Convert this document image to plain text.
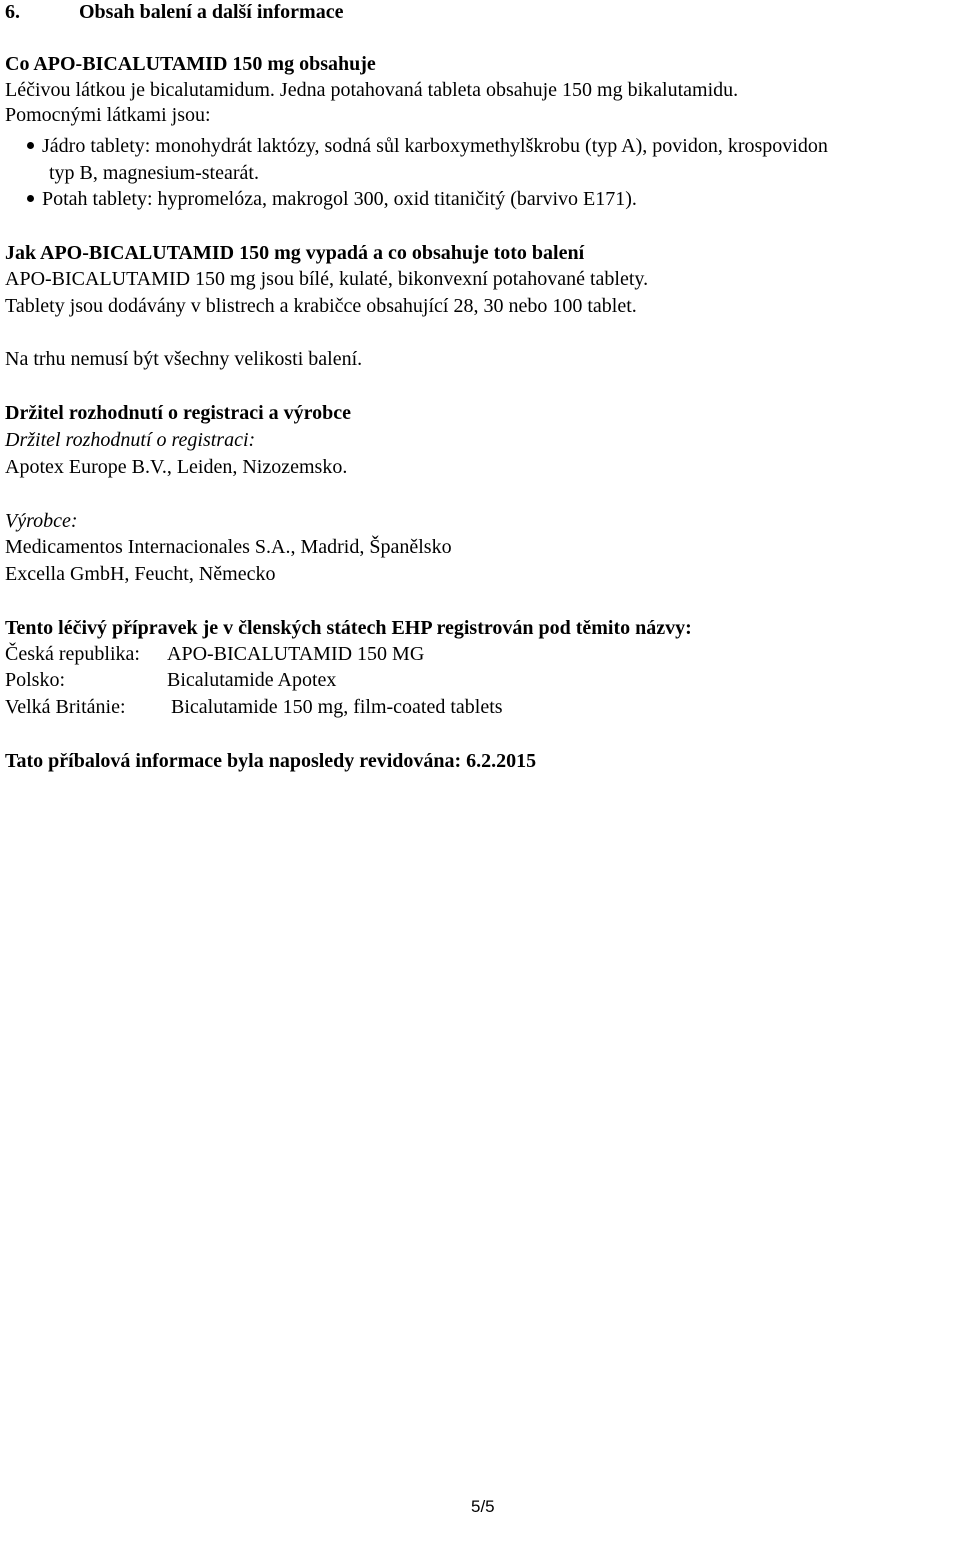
6.	Obsah balení a další informace
Co APO-BICALUTAMID 150 mg obsahuje
Léčivou látkou je bicalutamidum. Jedna potahovaná tableta obsahuje 150 mg bikalutamidu.
Pomocnými látkami jsou:
Jádro tablety: monohydrát laktózy, sodná sůl karboxymethylškrobu (typ A), povidon, krospovidon
typ B, magnesium-stearát.
Potah tablety: hypromelóza, makrogol 300, oxid titaničitý (barvivo E171).
Jak APO-BICALUTAMID 150 mg vypadá a co obsahuje toto balení
APO-BICALUTAMID 150 mg jsou bílé, kulaté, bikonvexní potahované tablety.
Tablety jsou dodávány v blistrech a krabičce obsahující 28, 30 nebo 100 tablet.
Na trhu nemusí být všechny velikosti balení.
Držitel rozhodnutí o registraci a výrobce
Držitel rozhodnutí o registraci:
Apotex Europe B.V., Leiden, Nizozemsko.
Výrobce:
Medicamentos Internacionales S.A., Madrid, Španělsko
Excella GmbH, Feucht, Německo
Tento léčivý přípravek je v členských státech EHP registrován pod těmito názvy:
Česká republika: APO-BICALUTAMID 150 MG
Polsko:	Bicalutamide Apotex
Velká Británie: Bicalutamide 150 mg, film-coated tablets
Tato příbalová informace byla naposledy revidována: 6.2.2015
5/5
